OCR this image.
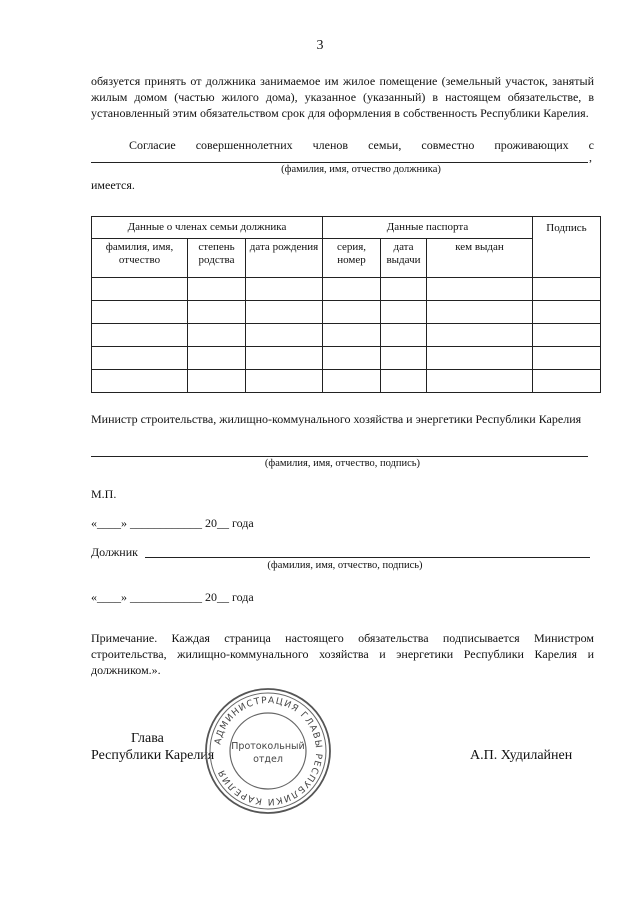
3
обязуется принять от должника занимаемое им жилое помещение (земельный участок, занятый жилым домом (частью жилого дома), указанное (указанный) в настоящем обязательстве, в установленный этим обязательством срок для оформления в собственность Республики Карелия.
Согласие совершеннолетних членов семьи, совместно проживающих с
,
(фамилия, имя, отчество должника)
имеется.
Данные о членах семьи должника			Данные паспорта			Подпись
фамилия, имя, отчество	степень родства	дата рождения	серия, номер	дата выдачи	кем выдан	

Министр строительства, жилищно-коммунального хозяйства и энергетики Республики Карелия
(фамилия, имя, отчество, подпись)
М.П.
«____» ____________ 20__ года
Должник
(фамилия, имя, отчество, подпись)
«____» ____________ 20__ года
Примечание. Каждая страница настоящего обязательства подписывается Министром строительства, жилищно-коммунального хозяйства и энергетики Республики Карелия и должником.».
Глава
Республики Карелия	А.П. Худилайнен
АДМИНИСТРАЦИЯ ГЛАВЫ РЕСПУБЛИКИ КАРЕЛИЯ
Протокольный
отдел
